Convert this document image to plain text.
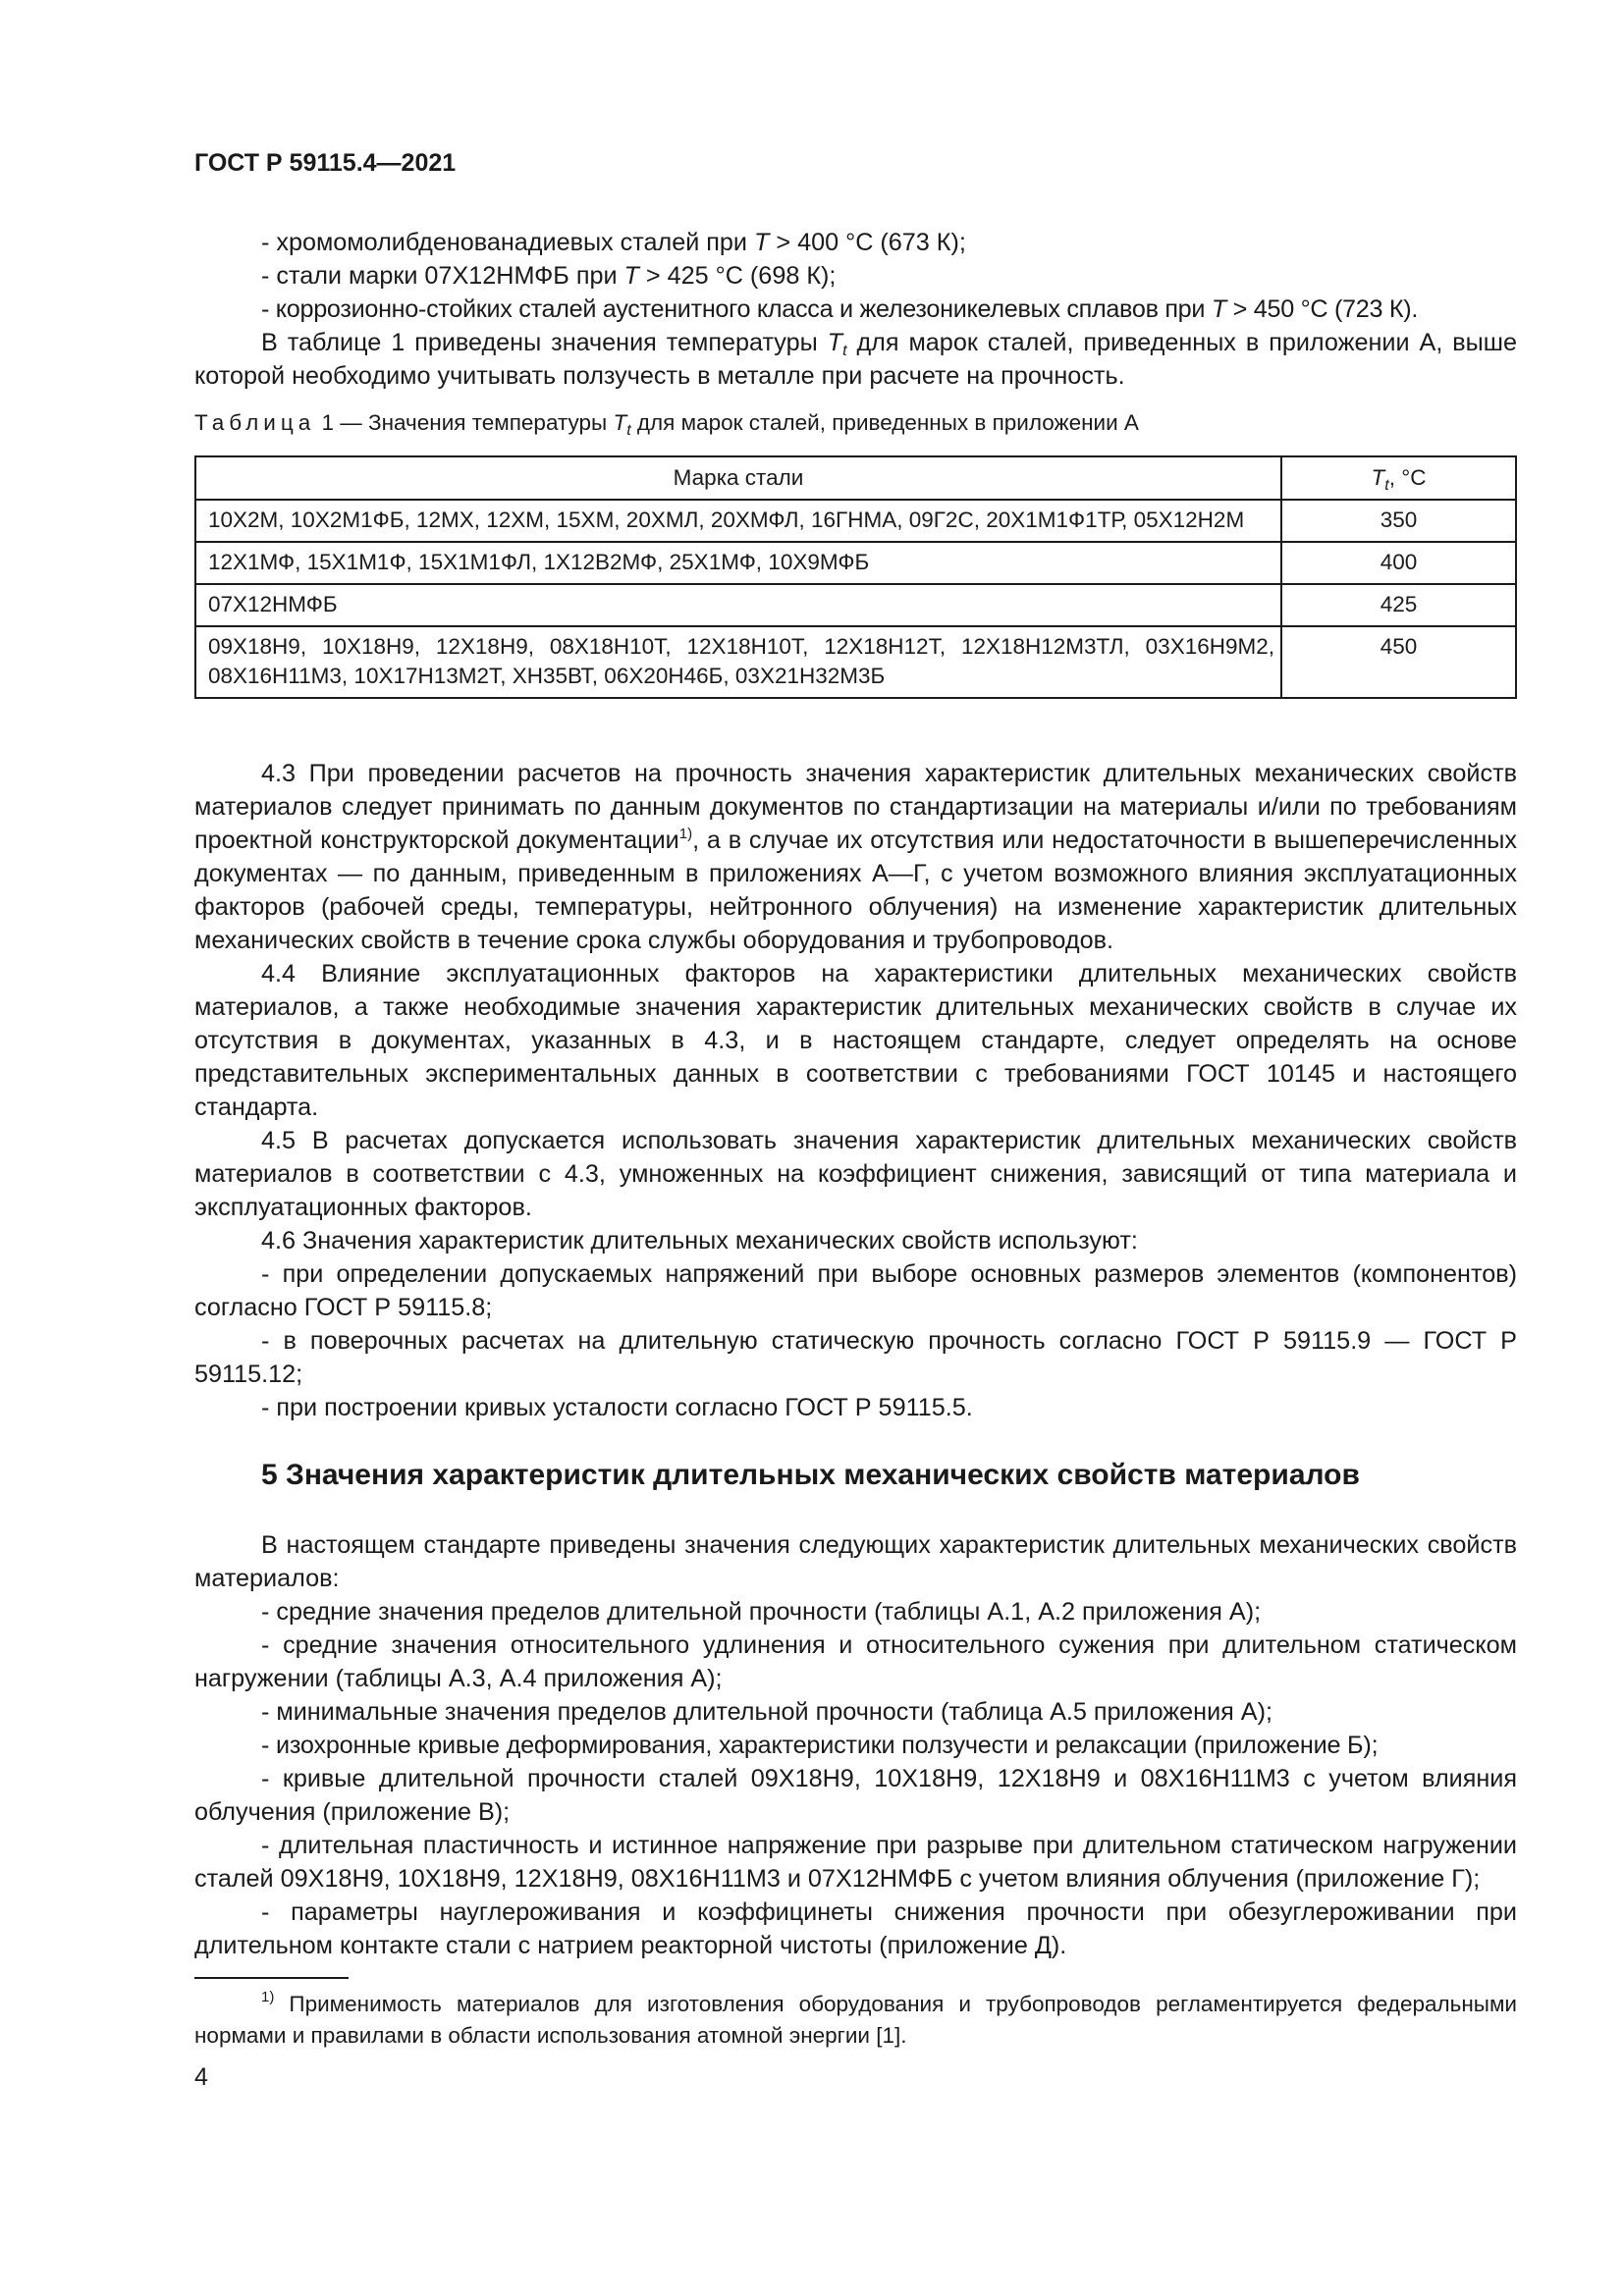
ГОСТ Р 59115.4—2021

- хромомолибденованадиевых сталей при T > 400 °С (673 К);

- стали марки 07Х12НМФБ при T > 425 °С (698 К);

- коррозионно-стойких сталей аустенитного класса и железоникелевых сплавов при T > 450 °С (723 К).

В таблице 1 приведены значения температуры $T_t$ для марок сталей, приведенных в приложении А, выше которой необходимо учитывать ползучесть в металле при расчете на прочность.

Таблица 1 — Значения температуры $T_t$ для марок сталей, приведенных в приложении А
Марка стали	$T_t$, °С
10Х2М, 10Х2М1ФБ, 12МХ, 12ХМ, 15ХМ, 20ХМЛ, 20ХМФЛ, 16ГНМА, 09Г2С, 20Х1М1Ф1ТР, 05Х12Н2М	350
12Х1МФ, 15Х1М1Ф, 15Х1М1ФЛ, 1Х12В2МФ, 25Х1МФ, 10Х9МФБ	400
07Х12НМФБ	425
09Х18Н9, 10Х18Н9, 12Х18Н9, 08Х18Н10Т, 12Х18Н10Т, 12Х18Н12Т, 12Х18Н12М3ТЛ, 03Х16Н9М2, 08Х16Н11М3, 10Х17Н13М2Т, ХН35ВТ, 06Х20Н46Б, 03Х21Н32М3Б	450

4.3 При проведении расчетов на прочность значения характеристик длительных механических свойств материалов следует принимать по данным документов по стандартизации на материалы и/или по требованиям проектной конструкторской документации$^{1)}$, а в случае их отсутствия или недостаточности в вышеперечисленных документах — по данным, приведенным в приложениях А—Г, с учетом возможного влияния эксплуатационных факторов (рабочей среды, температуры, нейтронного облучения) на изменение характеристик длительных механических свойств в течение срока службы оборудования и трубопроводов.

4.4 Влияние эксплуатационных факторов на характеристики длительных механических свойств материалов, а также необходимые значения характеристик длительных механических свойств в случае их отсутствия в документах, указанных в 4.3, и в настоящем стандарте, следует определять на основе представительных экспериментальных данных в соответствии с требованиями ГОСТ 10145 и настоящего стандарта.

4.5 В расчетах допускается использовать значения характеристик длительных механических свойств материалов в соответствии с 4.3, умноженных на коэффициент снижения, зависящий от типа материала и эксплуатационных факторов.

4.6 Значения характеристик длительных механических свойств используют:

- при определении допускаемых напряжений при выборе основных размеров элементов (компонентов) согласно ГОСТ Р 59115.8;

- в поверочных расчетах на длительную статическую прочность согласно ГОСТ Р 59115.9 — ГОСТ Р 59115.12;

- при построении кривых усталости согласно ГОСТ Р 59115.5.

5 Значения характеристик длительных механических свойств материалов

В настоящем стандарте приведены значения следующих характеристик длительных механических свойств материалов:

- средние значения пределов длительной прочности (таблицы А.1, А.2 приложения А);

- средние значения относительного удлинения и относительного сужения при длительном статическом нагружении (таблицы А.3, А.4 приложения А);

- минимальные значения пределов длительной прочности (таблица А.5 приложения А);

- изохронные кривые деформирования, характеристики ползучести и релаксации (приложение Б);

- кривые длительной прочности сталей 09Х18Н9, 10Х18Н9, 12Х18Н9 и 08Х16Н11М3 с учетом влияния облучения (приложение В);

- длительная пластичность и истинное напряжение при разрыве при длительном статическом нагружении сталей 09Х18Н9, 10Х18Н9, 12Х18Н9, 08Х16Н11М3 и 07Х12НМФБ с учетом влияния облучения (приложение Г);

- параметры науглероживания и коэффицинеты снижения прочности при обезуглероживании при длительном контакте стали с натрием реакторной чистоты (приложение Д).

$^{1)}$ Применимость материалов для изготовления оборудования и трубопроводов регламентируется федеральными нормами и правилами в области использования атомной энергии [1].

4
